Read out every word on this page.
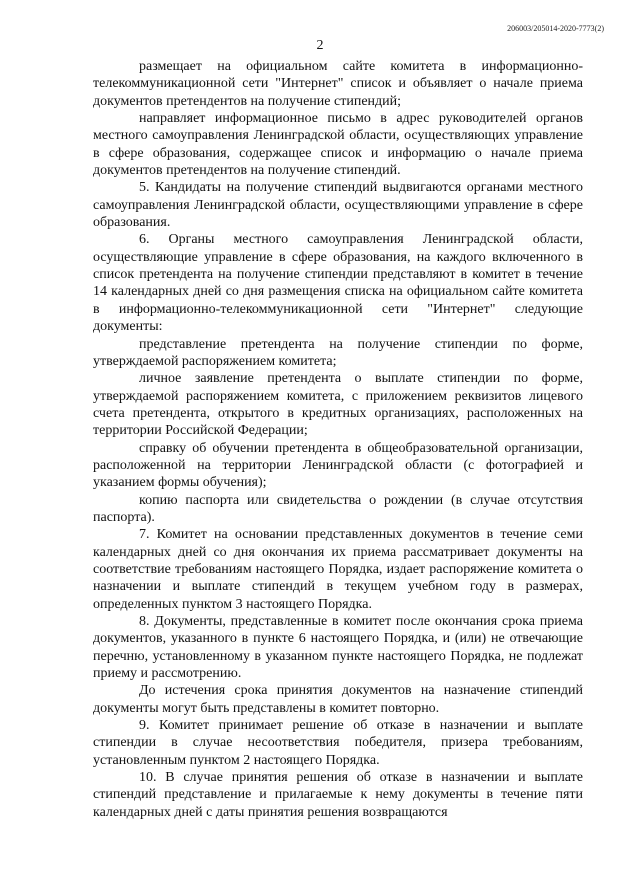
206003/205014-2020-7773(2)
2

размещает на официальном сайте комитета в информационно-телекоммуникационной сети "Интернет" список и объявляет о начале приема документов претендентов на получение стипендий;

направляет информационное письмо в адрес руководителей органов местного самоуправления Ленинградской области, осуществляющих управление в сфере образования, содержащее список и информацию о начале приема документов претендентов на получение стипендий.

5. Кандидаты на получение стипендий выдвигаются органами местного самоуправления Ленинградской области, осуществляющими управление в сфере образования.

6. Органы местного самоуправления Ленинградской области, осуществляющие управление в сфере образования, на каждого включенного в список претендента на получение стипендии представляют в комитет в течение 14 календарных дней со дня размещения списка на официальном сайте комитета в информационно-телекоммуникационной сети "Интернет" следующие документы:

представление претендента на получение стипендии по форме, утверждаемой распоряжением комитета;

личное заявление претендента о выплате стипендии по форме, утверждаемой распоряжением комитета, с приложением реквизитов лицевого счета претендента, открытого в кредитных организациях, расположенных на территории Российской Федерации;

справку об обучении претендента в общеобразовательной организации, расположенной на территории Ленинградской области (с фотографией и указанием формы обучения);

копию паспорта или свидетельства о рождении (в случае отсутствия паспорта).

7. Комитет на основании представленных документов в течение семи календарных дней со дня окончания их приема рассматривает документы на соответствие требованиям настоящего Порядка, издает распоряжение комитета о назначении и выплате стипендий в текущем учебном году в размерах, определенных пунктом 3 настоящего Порядка.

8. Документы, представленные в комитет после окончания срока приема документов, указанного в пункте 6 настоящего Порядка, и (или) не отвечающие перечню, установленному в указанном пункте настоящего Порядка, не подлежат приему и рассмотрению.

До истечения срока принятия документов на назначение стипендий документы могут быть представлены в комитет повторно.

9. Комитет принимает решение об отказе в назначении и выплате стипендии в случае несоответствия победителя, призера требованиям, установленным пунктом 2 настоящего Порядка.

10. В случае принятия решения об отказе в назначении и выплате стипендий представление и прилагаемые к нему документы в течение пяти календарных дней с даты принятия решения возвращаются
